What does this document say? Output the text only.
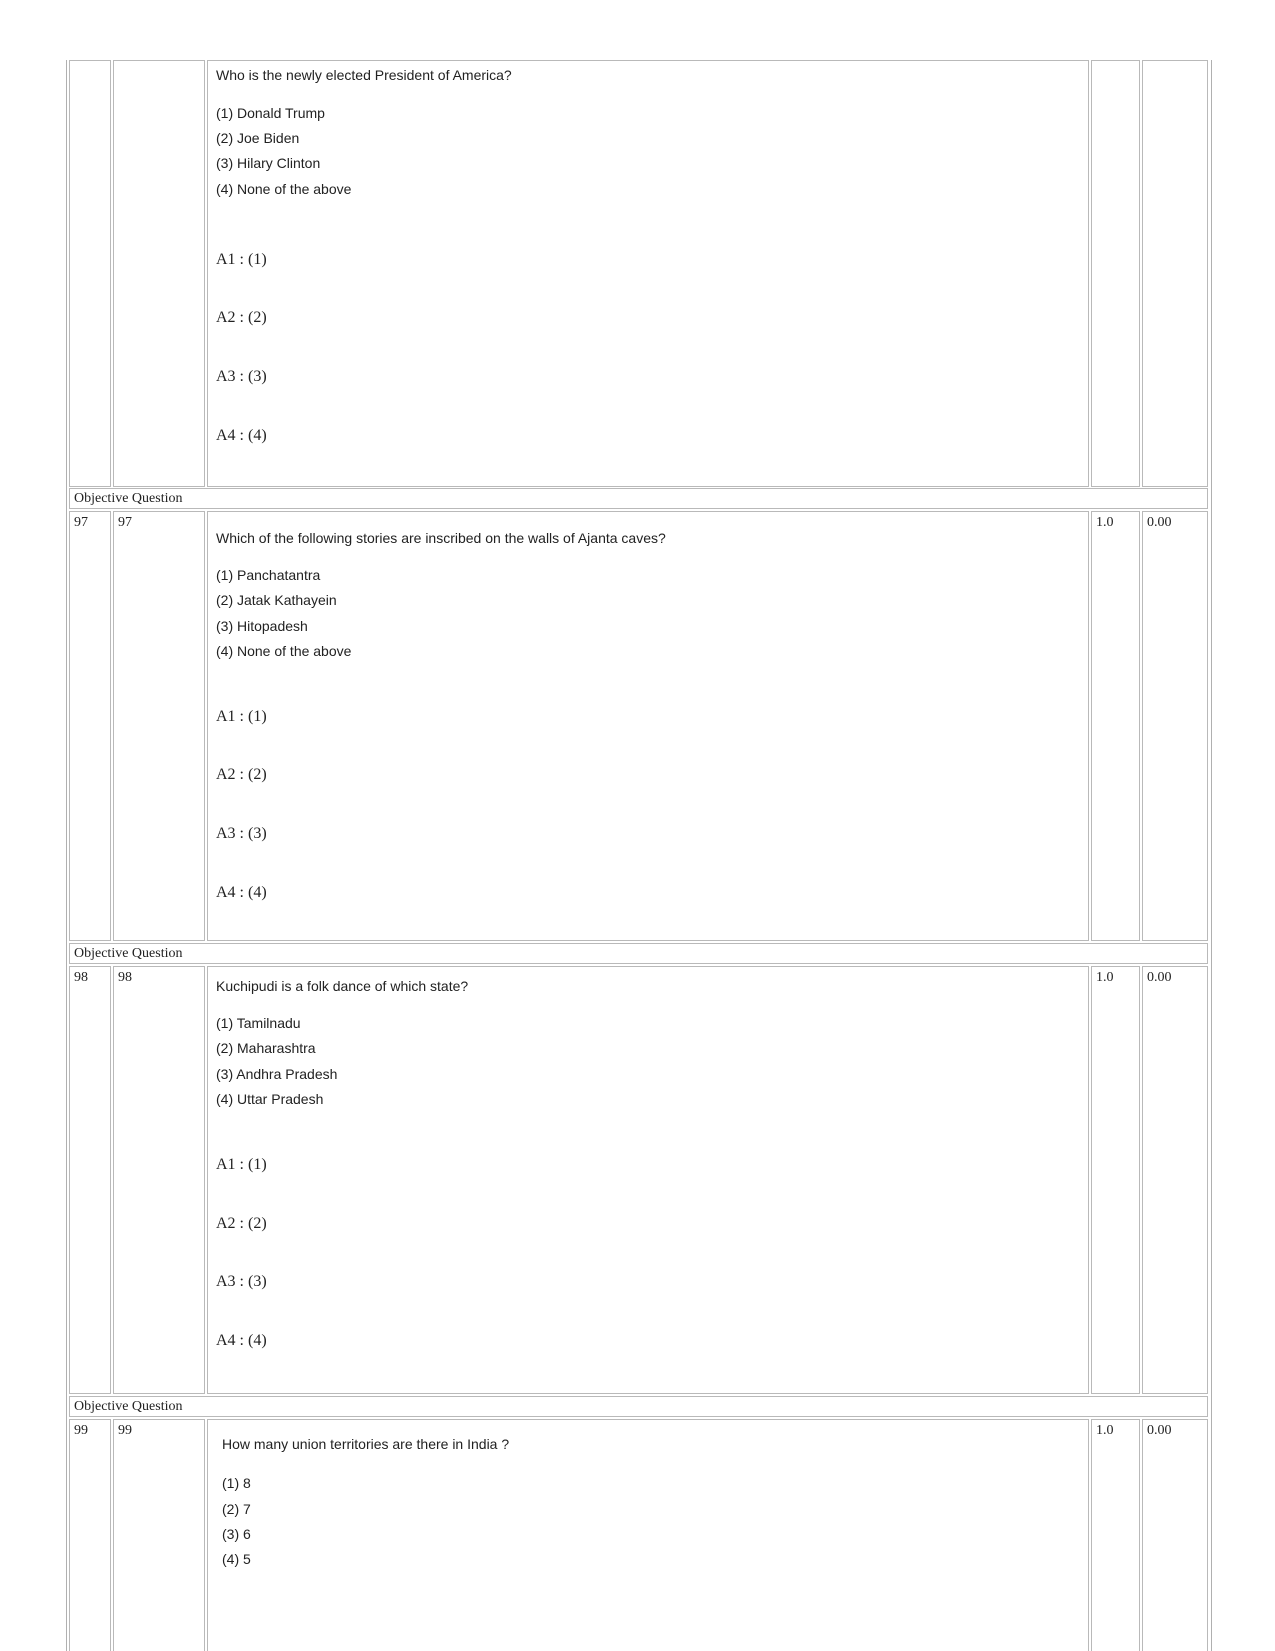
Who is the newly elected President of America?
(1) Donald Trump
(2) Joe Biden
(3) Hilary Clinton
(4) None of the above
A1 : (1)
A2 : (2)
A3 : (3)
A4 : (4)
Objective Question
97 97
Which of the following stories are inscribed on the walls of Ajanta caves?
(1) Panchatantra
(2) Jatak Kathayein
(3) Hitopadesh
(4) None of the above
A1 : (1)
A2 : (2)
A3 : (3)
A4 : (4)
1.0 0.00
Objective Question
98 98
Kuchipudi is a folk dance of which state?
(1) Tamilnadu
(2) Maharashtra
(3) Andhra Pradesh
(4) Uttar Pradesh
A1 : (1)
A2 : (2)
A3 : (3)
A4 : (4)
1.0 0.00
Objective Question
99 99
How many union territories are there in India ?
(1) 8
(2) 7
(3) 6
(4) 5
1.0 0.00
